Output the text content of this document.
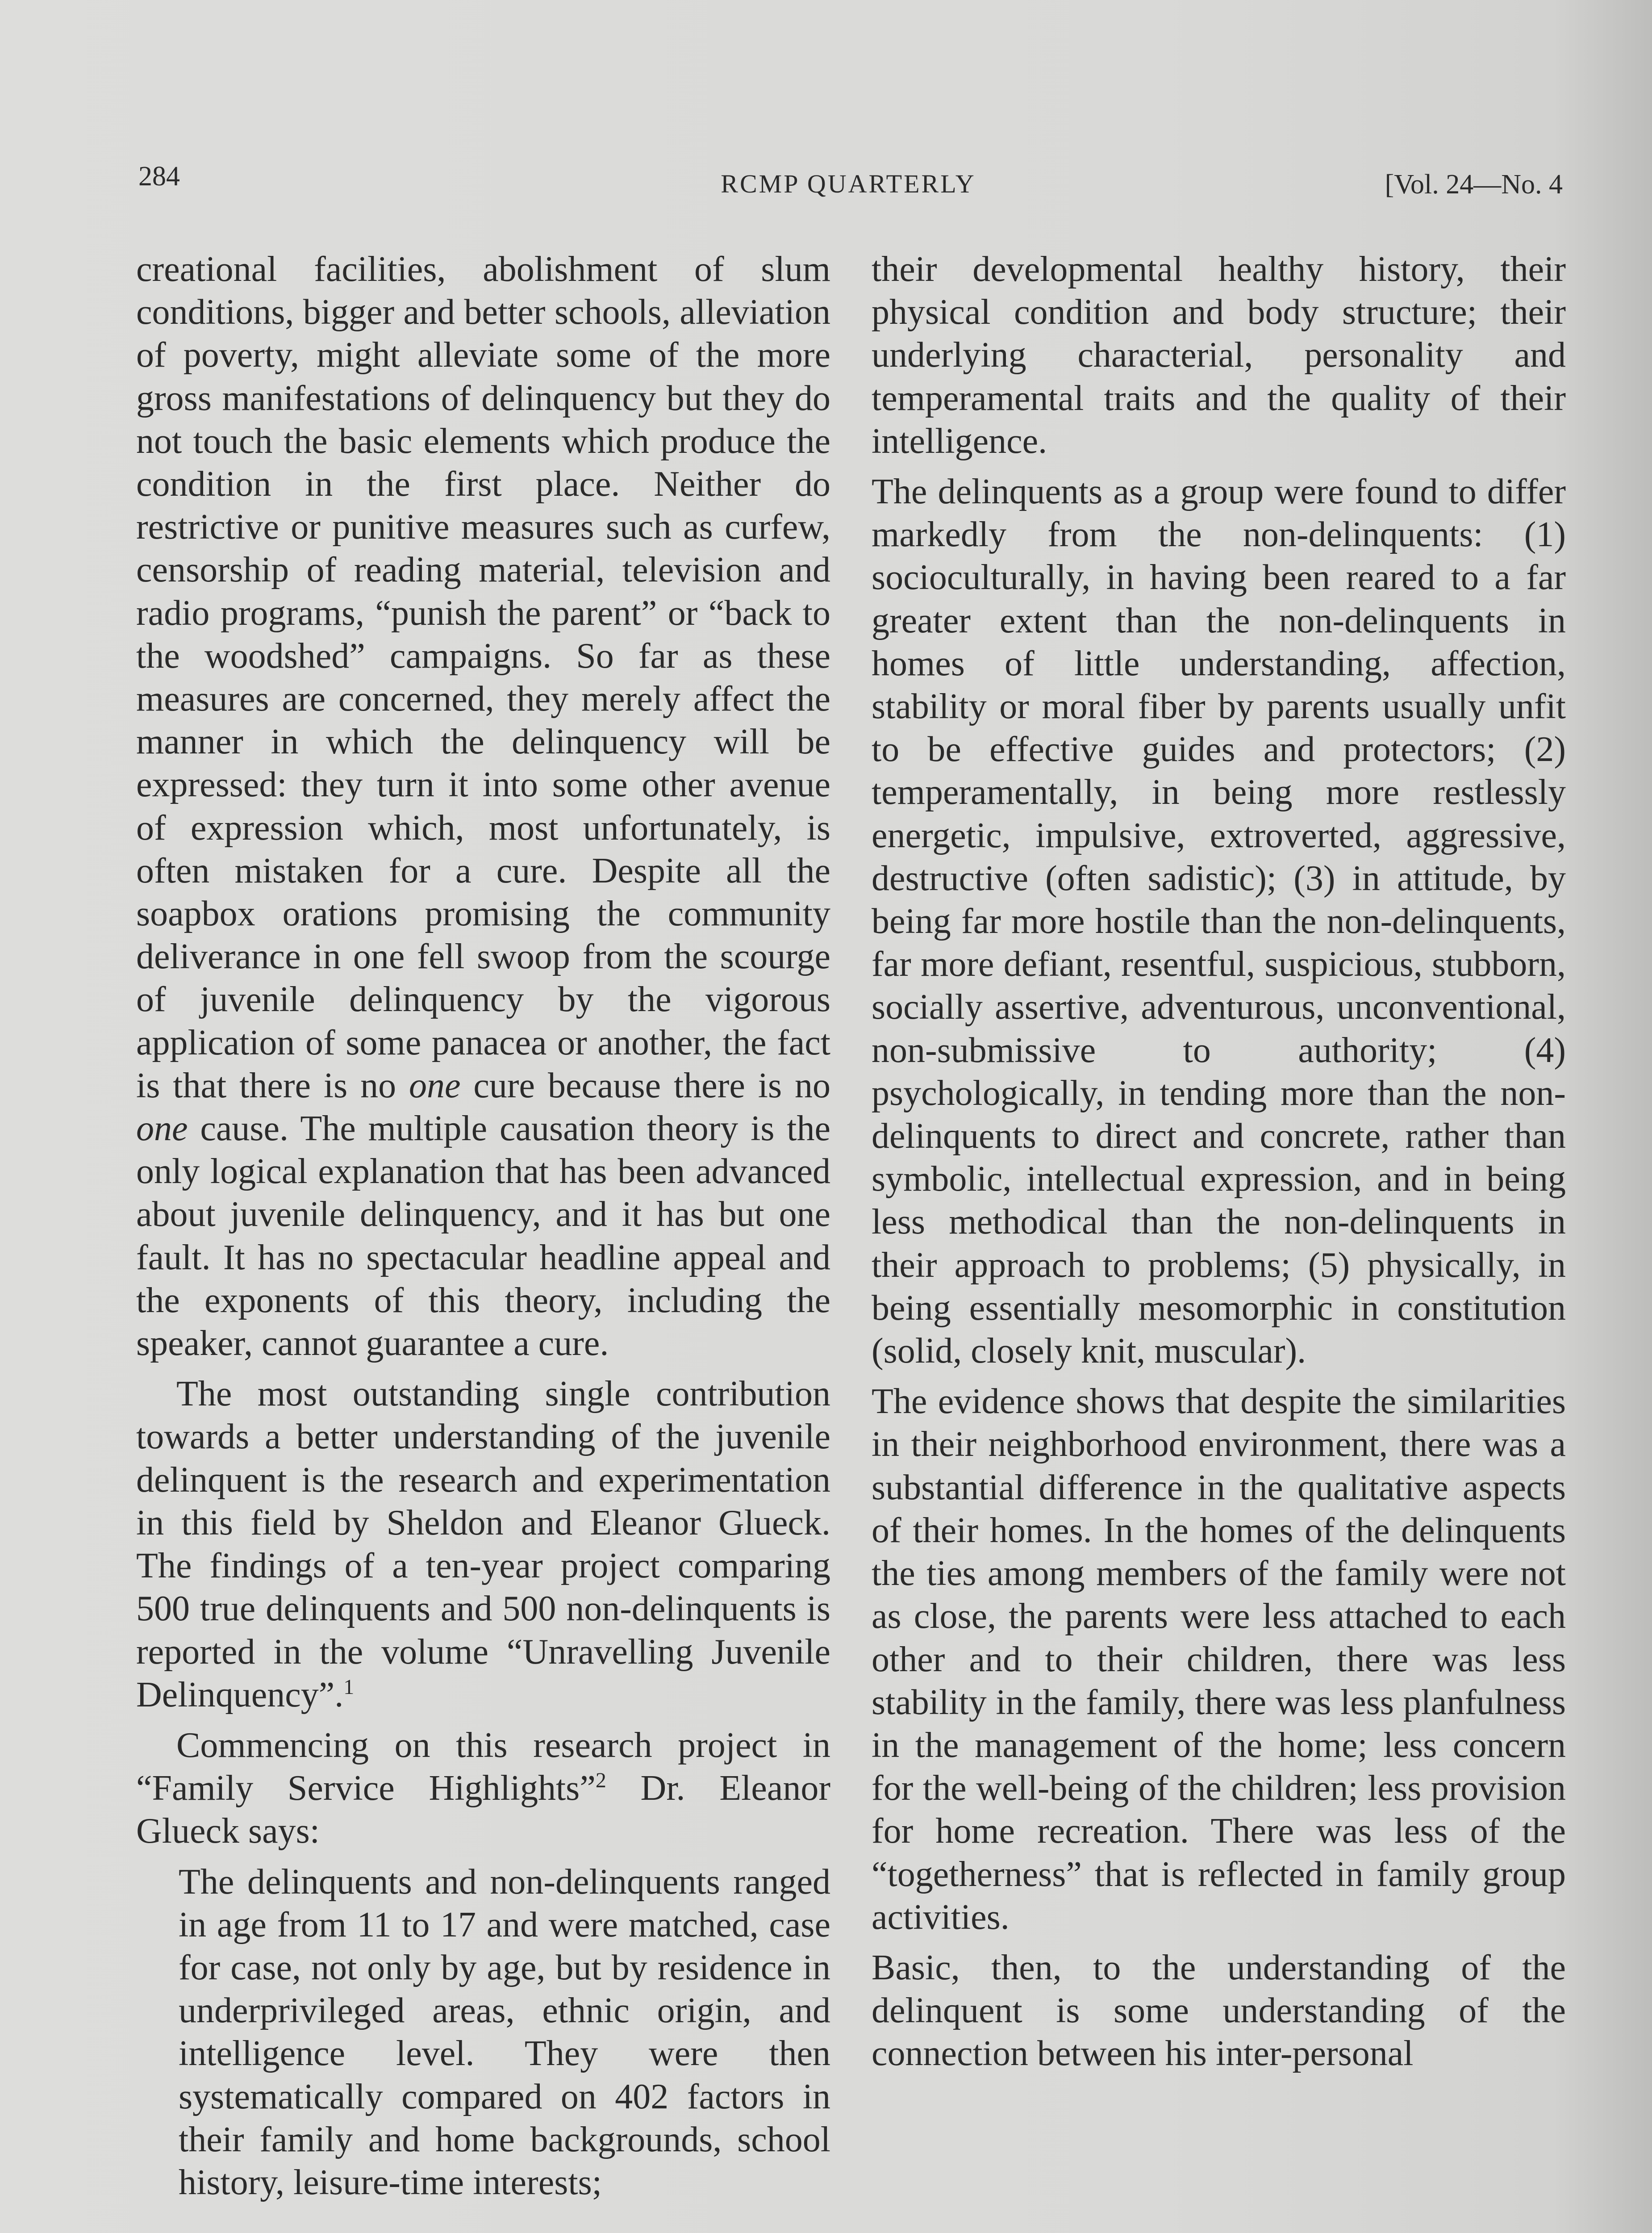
284	RCMP QUARTERLY	[Vol. 24—No. 4

creational facilities, abolishment of slum conditions, bigger and better schools, alleviation of poverty, might alleviate some of the more gross manifestations of delinquency but they do not touch the basic elements which produce the condition in the first place. Neither do restrictive or punitive measures such as curfew, censorship of reading material, television and radio programs, “punish the parent” or “back to the woodshed” campaigns. So far as these measures are concerned, they merely affect the manner in which the delinquency will be expressed: they turn it into some other avenue of expression which, most unfortunately, is often mistaken for a cure. Despite all the soapbox orations promising the community deliverance in one fell swoop from the scourge of juvenile delinquency by the vigorous application of some panacea or another, the fact is that there is no one cure because there is no one cause. The multiple causation theory is the only logical explanation that has been advanced about juvenile delinquency, and it has but one fault. It has no spectacular headline appeal and the exponents of this theory, including the speaker, cannot guarantee a cure.

The most outstanding single contribution towards a better understanding of the juvenile delinquent is the research and experimentation in this field by Sheldon and Eleanor Glueck. The findings of a ten-year project comparing 500 true delinquents and 500 non-delinquents is reported in the volume “Unravelling Juvenile Delinquency”.$^1$

Commencing on this research project in “Family Service Highlights”$^2$ Dr. Eleanor Glueck says:

The delinquents and non-delinquents ranged in age from 11 to 17 and were matched, case for case, not only by age, but by residence in underprivileged areas, ethnic origin, and intelligence level. They were then systematically compared on 402 factors in their family and home backgrounds, school history, leisure-time interests;

their developmental healthy history, their physical condition and body structure; their underlying characterial, personality and temperamental traits and the quality of their intelligence.

The delinquents as a group were found to differ markedly from the non-delinquents: (1) socioculturally, in having been reared to a far greater extent than the non-delinquents in homes of little understanding, affection, stability or moral fiber by parents usually unfit to be effective guides and protectors; (2) temperamentally, in being more restlessly energetic, impulsive, extroverted, aggressive, destructive (often sadistic); (3) in attitude, by being far more hostile than the non-delinquents, far more defiant, resentful, suspicious, stubborn, socially assertive, adventurous, unconventional, non-submissive to authority; (4) psychologically, in tending more than the non-delinquents to direct and concrete, rather than symbolic, intellectual expression, and in being less methodical than the non-delinquents in their approach to problems; (5) physically, in being essentially mesomorphic in constitution (solid, closely knit, muscular).

The evidence shows that despite the similarities in their neighborhood environment, there was a substantial difference in the qualitative aspects of their homes. In the homes of the delinquents the ties among members of the family were not as close, the parents were less attached to each other and to their children, there was less stability in the family, there was less planfulness in the management of the home; less concern for the well-being of the children; less provision for home recreation. There was less of the “togetherness” that is reflected in family group activities.

Basic, then, to the understanding of the delinquent is some understanding of the connection between his inter-personal
